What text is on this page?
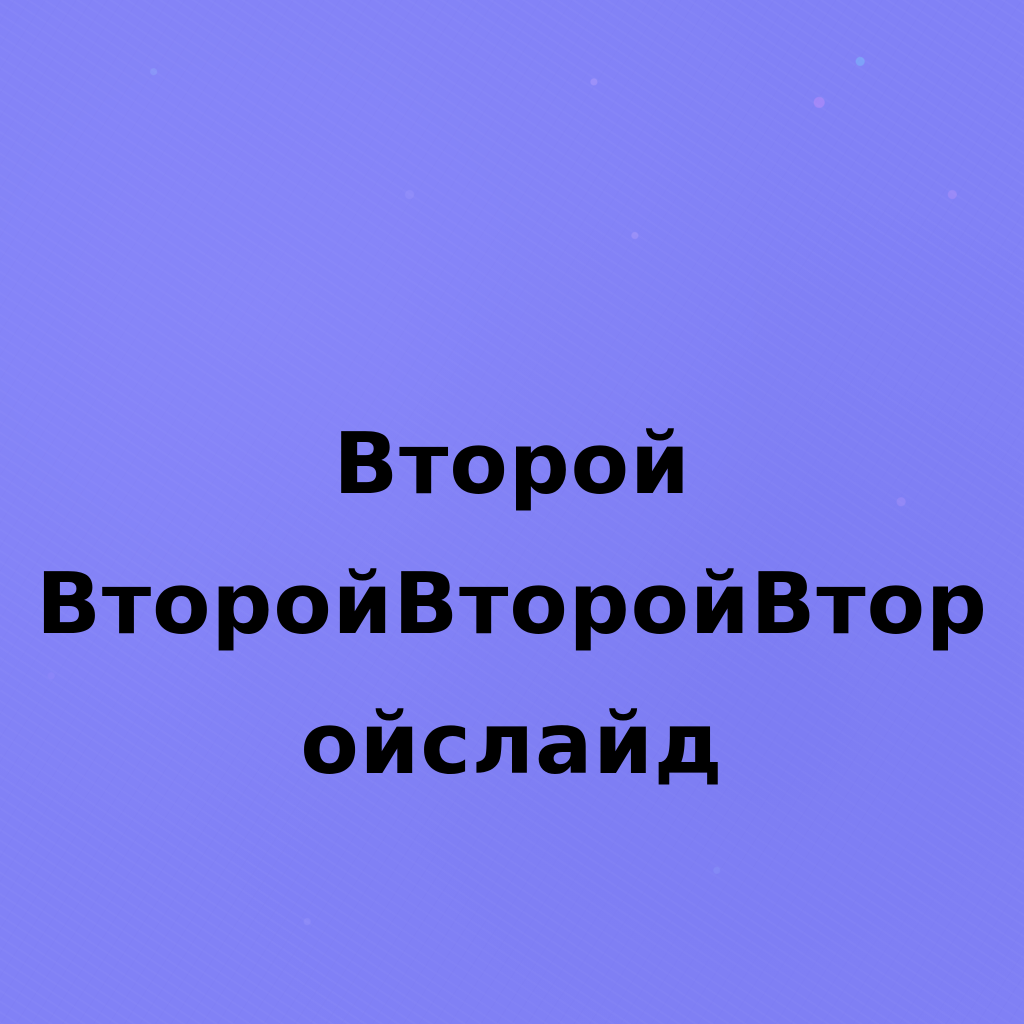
Второй
ВторойВторойВтор
ойслайд
